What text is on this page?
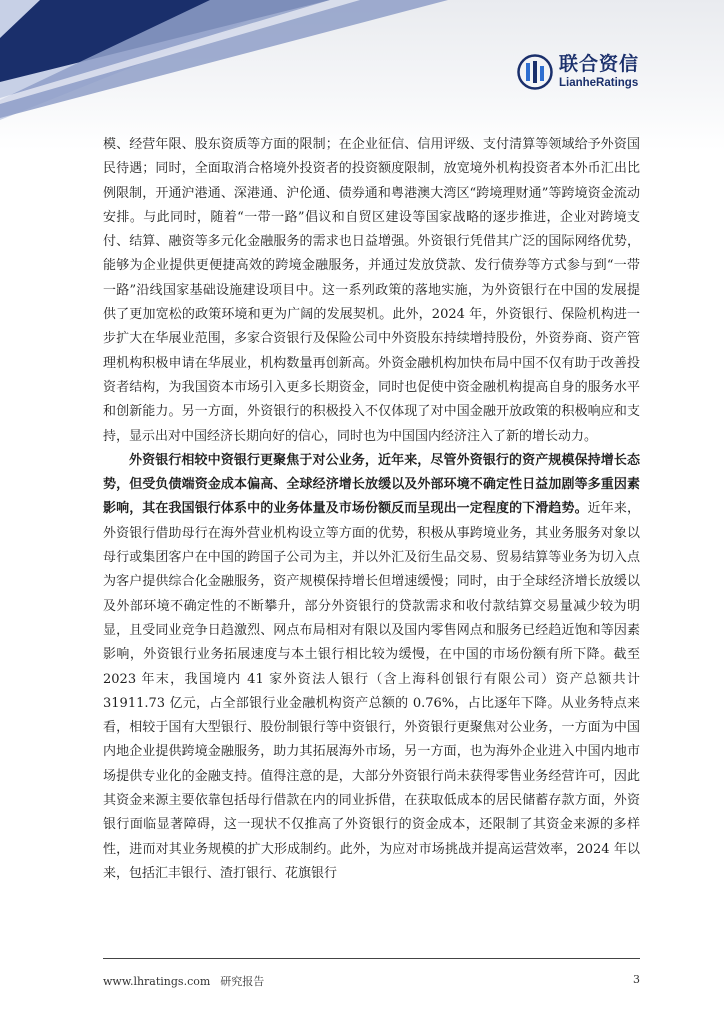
联合资信
LianheRatings

模、经营年限、股东资质等方面的限制；在企业征信、信用评级、支付清算等领域给予外资国民待遇；同时，全面取消合格境外投资者的投资额度限制，放宽境外机构投资者本外币汇出比例限制，开通沪港通、深港通、沪伦通、债券通和粤港澳大湾区“跨境理财通”等跨境资金流动安排。与此同时，随着“一带一路”倡议和自贸区建设等国家战略的逐步推进，企业对跨境支付、结算、融资等多元化金融服务的需求也日益增强。外资银行凭借其广泛的国际网络优势，能够为企业提供更便捷高效的跨境金融服务，并通过发放贷款、发行债券等方式参与到“一带一路”沿线国家基础设施建设项目中。这一系列政策的落地实施，为外资银行在中国的发展提供了更加宽松的政策环境和更为广阔的发展契机。此外，2024 年，外资银行、保险机构进一步扩大在华展业范围，多家合资银行及保险公司中外资股东持续增持股份，外资券商、资产管理机构积极申请在华展业，机构数量再创新高。外资金融机构加快布局中国不仅有助于改善投资者结构，为我国资本市场引入更多长期资金，同时也促使中资金融机构提高自身的服务水平和创新能力。另一方面，外资银行的积极投入不仅体现了对中国金融开放政策的积极响应和支持，显示出对中国经济长期向好的信心，同时也为中国国内经济注入了新的增长动力。

外资银行相较中资银行更聚焦于对公业务，近年来，尽管外资银行的资产规模保持增长态势，但受负债端资金成本偏高、全球经济增长放缓以及外部环境不确定性日益加剧等多重因素影响，其在我国银行体系中的业务体量及市场份额反而呈现出一定程度的下滑趋势。近年来，外资银行借助母行在海外营业机构设立等方面的优势，积极从事跨境业务，其业务服务对象以母行或集团客户在中国的跨国子公司为主，并以外汇及衍生品交易、贸易结算等业务为切入点为客户提供综合化金融服务，资产规模保持增长但增速缓慢；同时，由于全球经济增长放缓以及外部环境不确定性的不断攀升，部分外资银行的贷款需求和收付款结算交易量减少较为明显，且受同业竞争日趋激烈、网点布局相对有限以及国内零售网点和服务已经趋近饱和等因素影响，外资银行业务拓展速度与本土银行相比较为缓慢，在中国的市场份额有所下降。截至 2023 年末，我国境内 41 家外资法人银行（含上海科创银行有限公司）资产总额共计 31911.73 亿元，占全部银行业金融机构资产总额的 0.76%，占比逐年下降。从业务特点来看，相较于国有大型银行、股份制银行等中资银行，外资银行更聚焦对公业务，一方面为中国内地企业提供跨境金融服务，助力其拓展海外市场，另一方面，也为海外企业进入中国内地市场提供专业化的金融支持。值得注意的是，大部分外资银行尚未获得零售业务经营许可，因此其资金来源主要依靠包括母行借款在内的同业拆借，在获取低成本的居民储蓄存款方面，外资银行面临显著障碍，这一现状不仅推高了外资银行的资金成本，还限制了其资金来源的多样性，进而对其业务规模的扩大形成制约。此外，为应对市场挑战并提高运营效率，2024 年以来，包括汇丰银行、渣打银行、花旗银行

www.lhratings.com 研究报告	3
